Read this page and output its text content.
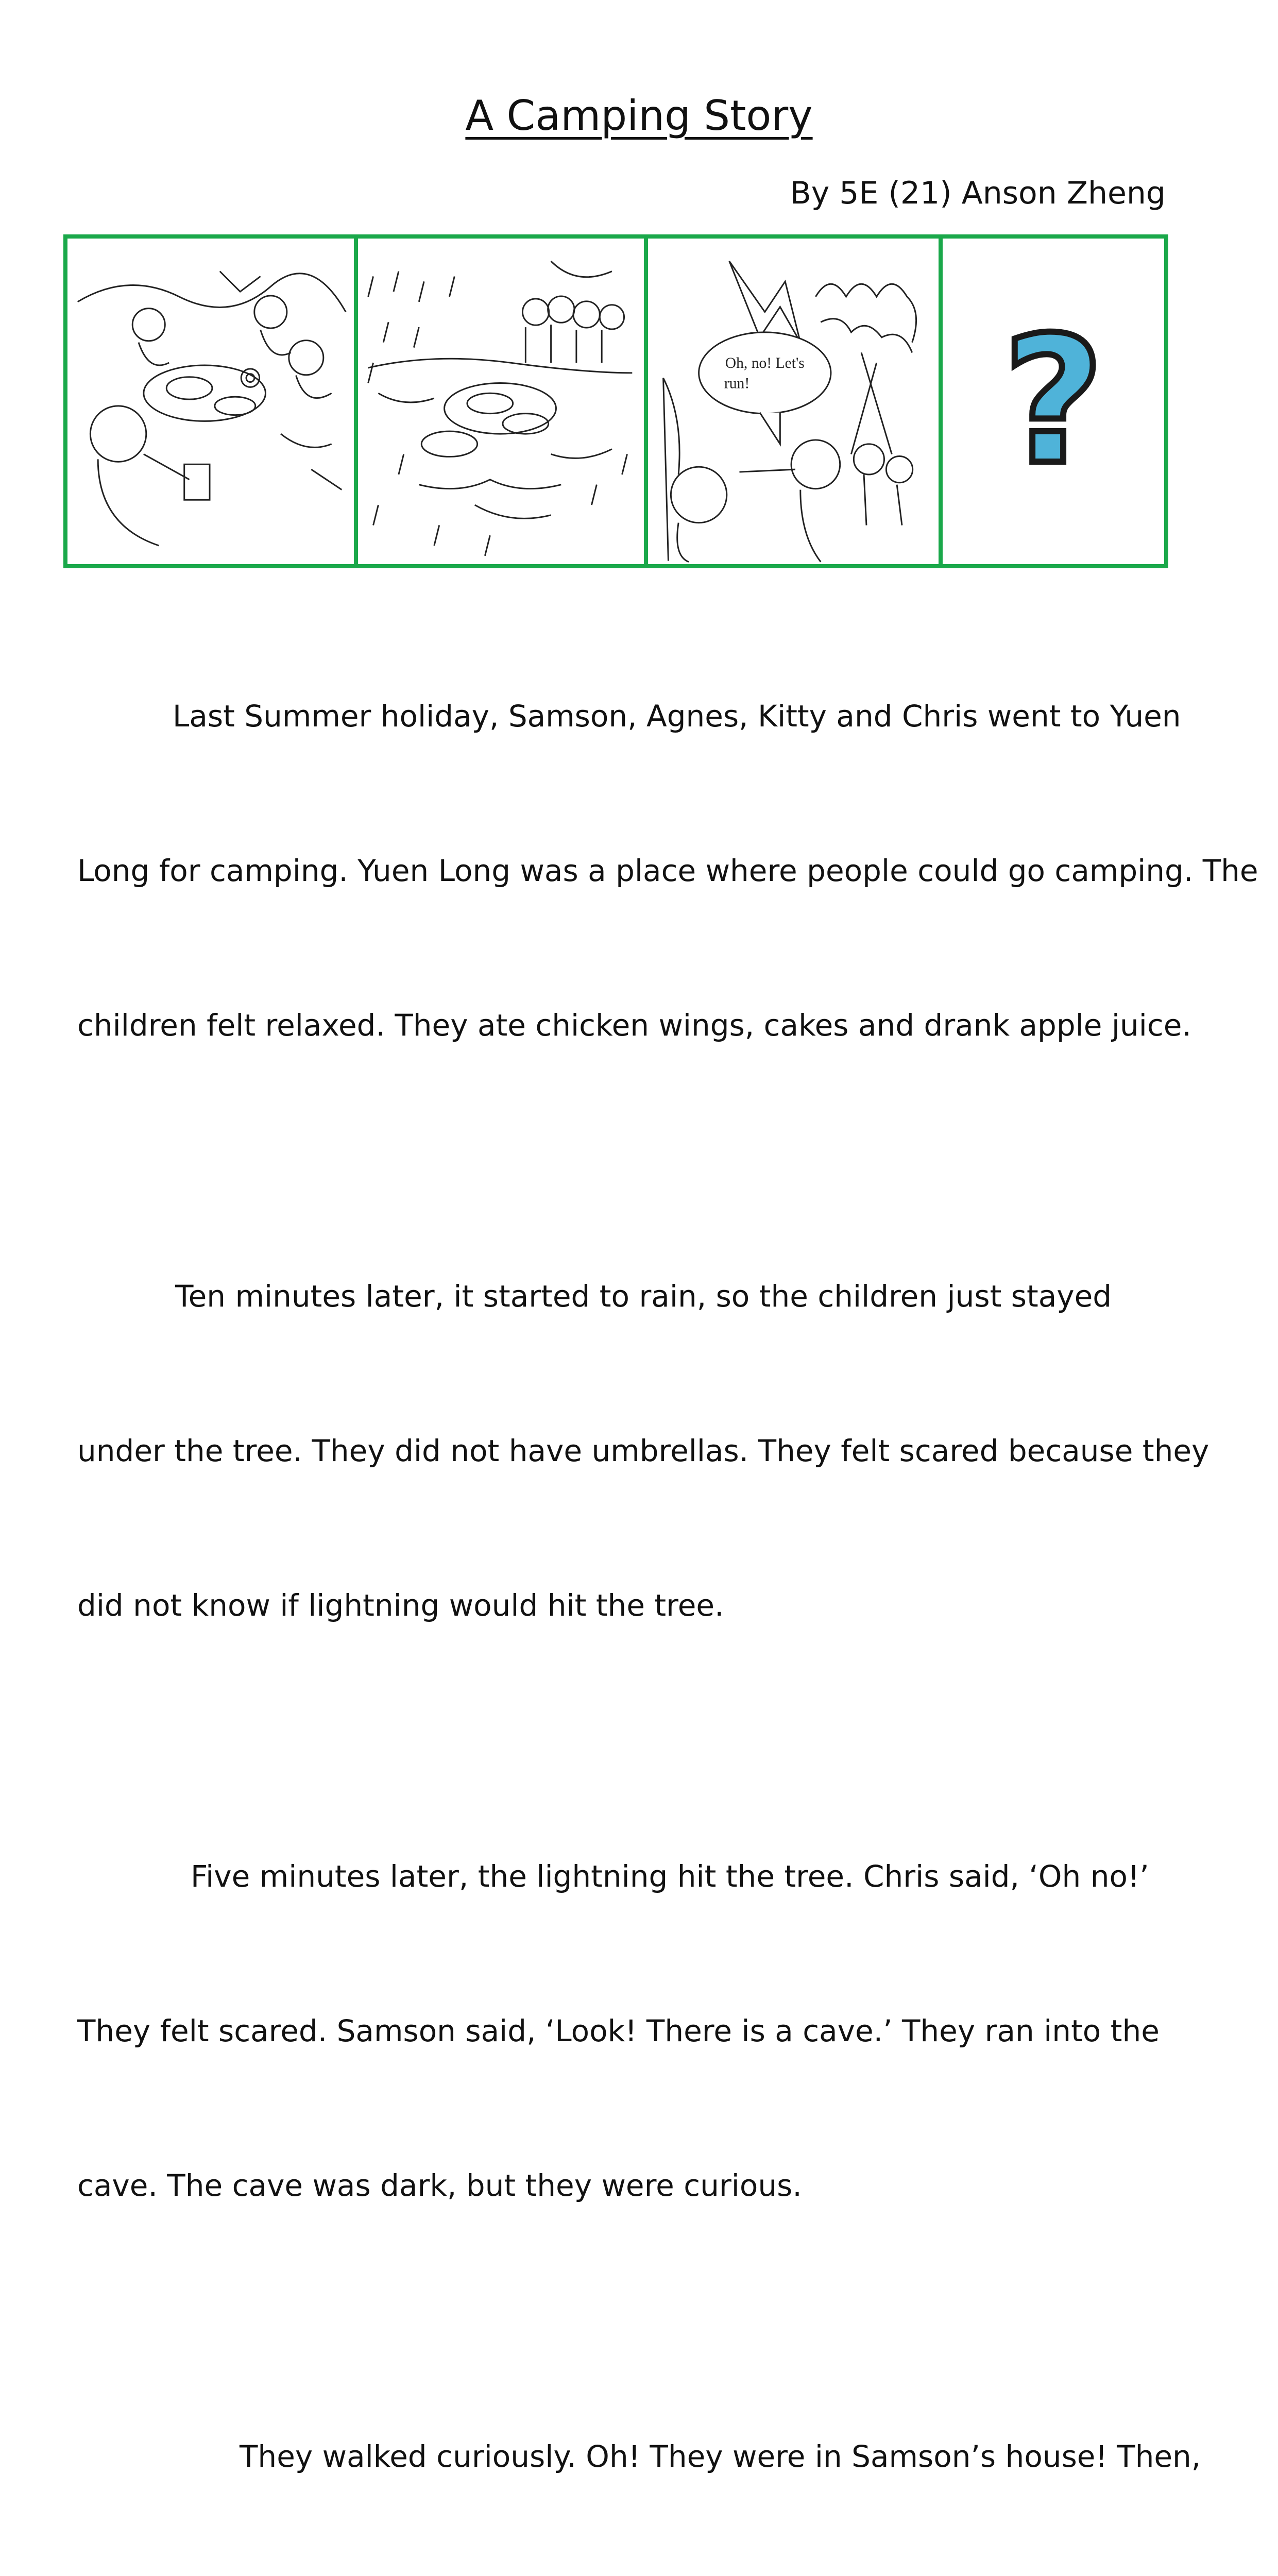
A Camping Story
By 5E (21) Anson Zheng
Oh, no! Let's
run!	?

Last Summer holiday, Samson, Agnes, Kitty and Chris went to Yuen

Long for camping. Yuen Long was a place where people could go camping. The

children felt relaxed. They ate chicken wings, cakes and drank apple juice.

Ten minutes later, it started to rain, so the children just stayed

under the tree. They did not have umbrellas. They felt scared because they

did not know if lightning would hit the tree.

Five minutes later, the lightning hit the tree. Chris said, ‘Oh no!’

They felt scared. Samson said, ‘Look! There is a cave.’ They ran into the

cave. The cave was dark, but they were curious.

They walked curiously. Oh! They were in Samson’s house! Then,
